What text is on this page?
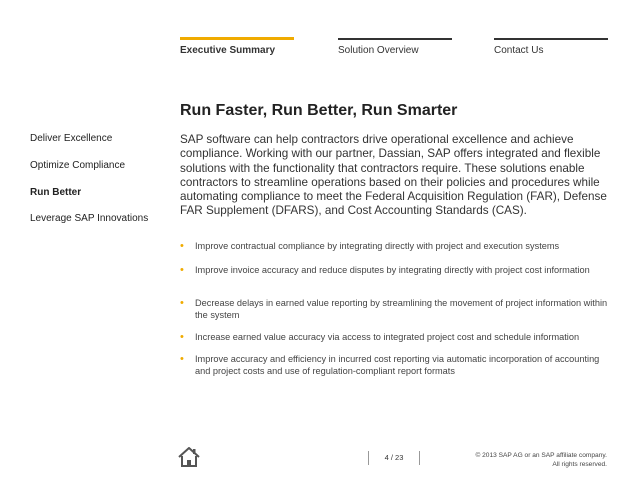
Executive Summary	Solution Overview	Contact Us
Run Faster, Run Better, Run Smarter
Deliver Excellence
Optimize Compliance
Run Better
Leverage SAP Innovations
SAP software can help contractors drive operational excellence and achieve compliance. Working with our partner, Dassian, SAP offers integrated and flexible solutions with the functionality that contractors require. These solutions enable contractors to streamline operations based on their policies and procedures while automating compliance to meet the Federal Acquisition Regulation (FAR), Defense FAR Supplement (DFARS), and Cost Accounting Standards (CAS).
• Improve contractual compliance by integrating directly with project and execution systems
• Improve invoice accuracy and reduce disputes by integrating directly with project cost information
• Decrease delays in earned value reporting by streamlining the movement of project information within the system
• Increase earned value accuracy via access to integrated project cost and schedule information
• Improve accuracy and efficiency in incurred cost reporting via automatic incorporation of accounting and project costs and use of regulation-compliant report formats
4 / 23	© 2013 SAP AG or an SAP affiliate company.
All rights reserved.
